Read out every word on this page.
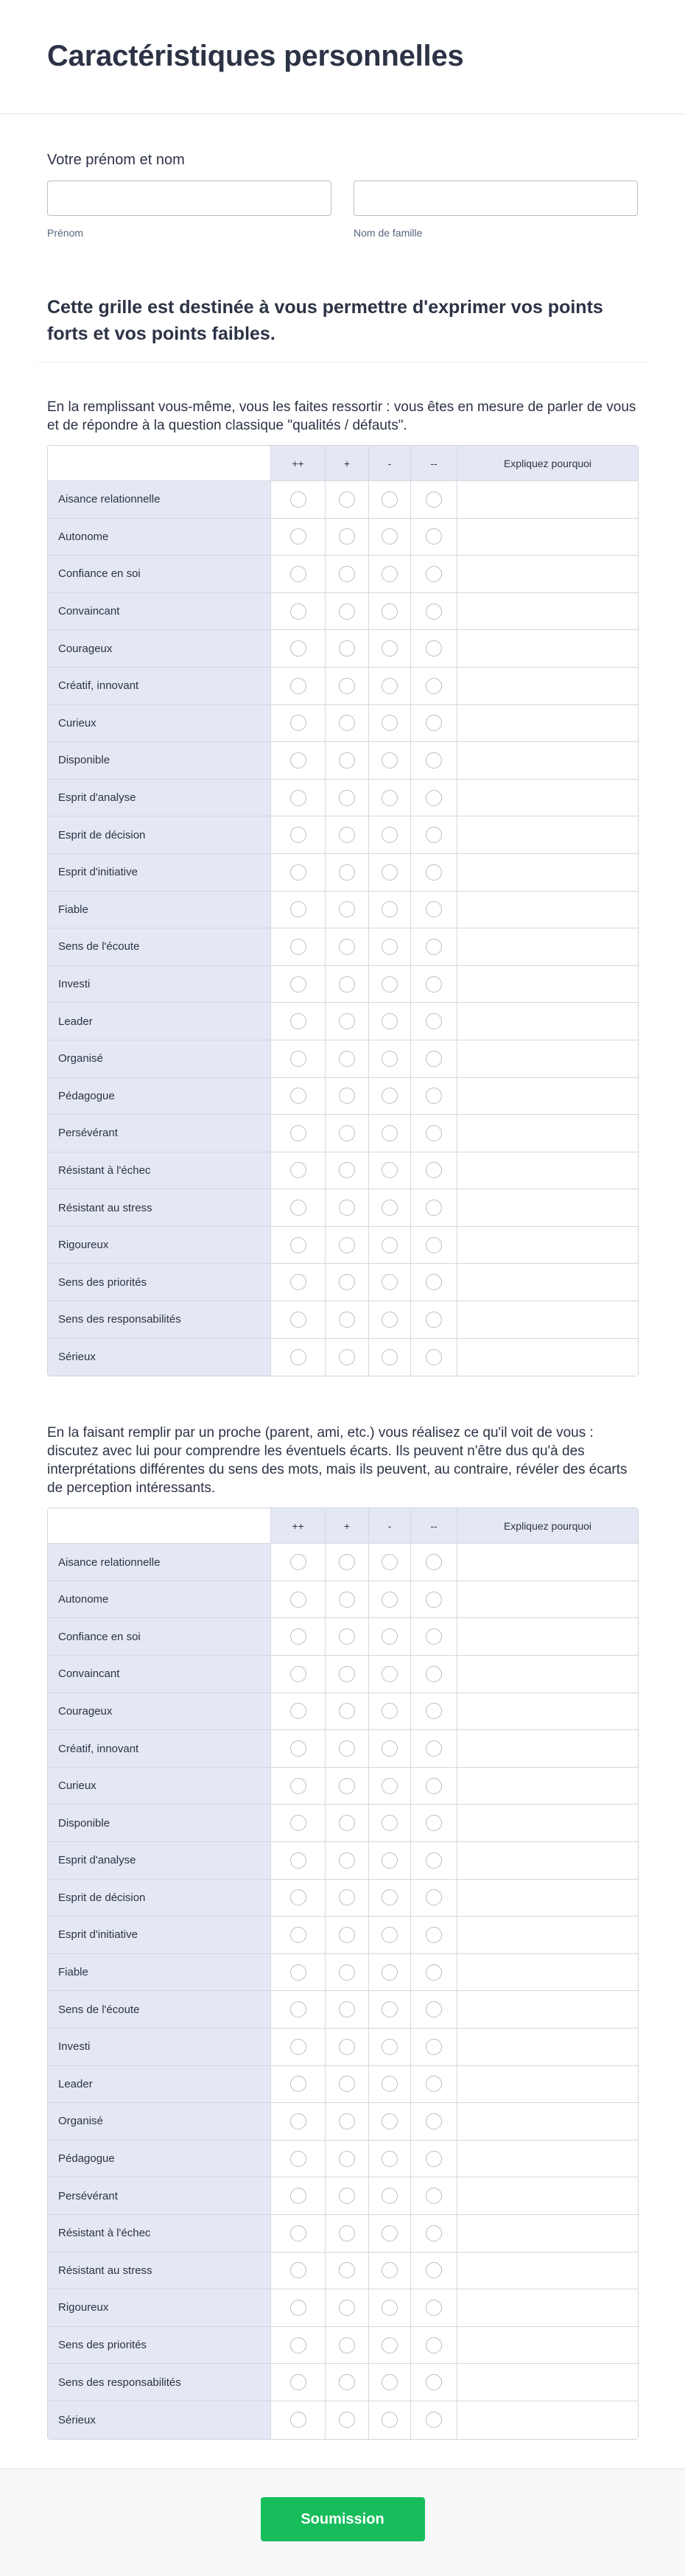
Caractéristiques personnelles
Votre prénom et nom
Prénom	Nom de famille

Cette grille est destinée à vous permettre d'exprimer vos points forts et vos points faibles.

En la remplissant vous-même, vous les faites ressortir : vous êtes en mesure de parler de vous et de répondre à la question classique "qualités / défauts".
	++	+	-	--	Expliquez pourquoi
Aisance relationnelle					
Autonome					
Confiance en soi					
Convaincant					
Courageux					
Créatif, innovant					
Curieux					
Disponible					
Esprit d'analyse					
Esprit de décision					
Esprit d'initiative					
Fiable					
Sens de l'écoute					
Investi					
Leader					
Organisé					
Pédagogue					
Persévérant					
Résistant à l'échec					
Résistant au stress					
Rigoureux					
Sens des priorités					
Sens des responsabilités					
Sérieux					
En la faisant remplir par un proche (parent, ami, etc.) vous réalisez ce qu'il voit de vous : discutez avec lui pour comprendre les éventuels écarts. Ils peuvent n'être dus qu'à des interprétations différentes du sens des mots, mais ils peuvent, au contraire, révéler des écarts de perception intéressants.
	++	+	-	--	Expliquez pourquoi
Aisance relationnelle					
Autonome					
Confiance en soi					
Convaincant					
Courageux					
Créatif, innovant					
Curieux					
Disponible					
Esprit d'analyse					
Esprit de décision					
Esprit d'initiative					
Fiable					
Sens de l'écoute					
Investi					
Leader					
Organisé					
Pédagogue					
Persévérant					
Résistant à l'échec					
Résistant au stress					
Rigoureux					
Sens des priorités					
Sens des responsabilités					
Sérieux					
Soumission
